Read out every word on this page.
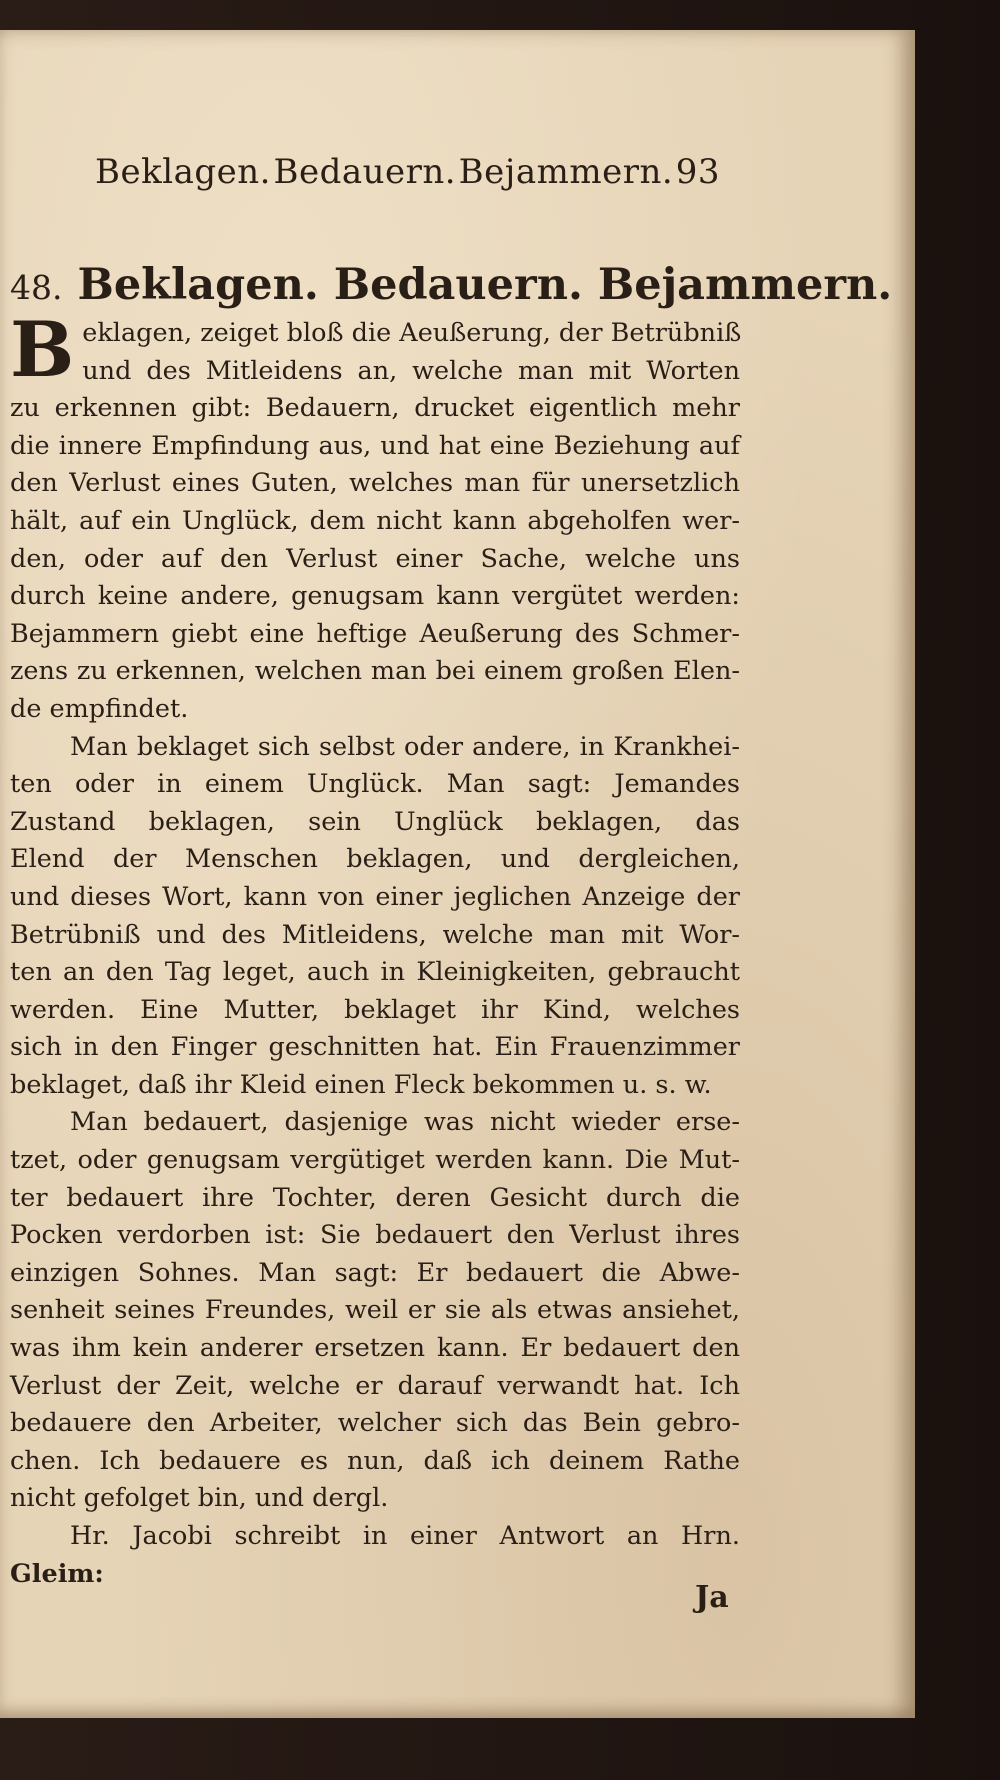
Beklagen. Bedauern. Bejammern. 93
48. Beklagen. Bedauern. Bejammern.
B eklagen, zeiget bloß die Aeußerung, der Betrübniß
und des Mitleidens an, welche man mit Worten
zu erkennen gibt: Bedauern, drucket eigentlich mehr
die innere Empfindung aus, und hat eine Beziehung auf
den Verlust eines Guten, welches man für unersetzlich
hält, auf ein Unglück, dem nicht kann abgeholfen wer-
den, oder auf den Verlust einer Sache, welche uns
durch keine andere, genugsam kann vergütet werden:
Bejammern giebt eine heftige Aeußerung des Schmer-
zens zu erkennen, welchen man bei einem großen Elen-
de empfindet.
Man beklaget sich selbst oder andere, in Krankhei-
ten oder in einem Unglück. Man sagt: Jemandes
Zustand beklagen, sein Unglück beklagen, das
Elend der Menschen beklagen, und dergleichen,
und dieses Wort, kann von einer jeglichen Anzeige der
Betrübniß und des Mitleidens, welche man mit Wor-
ten an den Tag leget, auch in Kleinigkeiten, gebraucht
werden. Eine Mutter, beklaget ihr Kind, welches
sich in den Finger geschnitten hat. Ein Frauenzimmer
beklaget, daß ihr Kleid einen Fleck bekommen u. s. w.
Man bedauert, dasjenige was nicht wieder erse-
tzet, oder genugsam vergütiget werden kann. Die Mut-
ter bedauert ihre Tochter, deren Gesicht durch die
Pocken verdorben ist: Sie bedauert den Verlust ihres
einzigen Sohnes. Man sagt: Er bedauert die Abwe-
senheit seines Freundes, weil er sie als etwas ansiehet,
was ihm kein anderer ersetzen kann. Er bedauert den
Verlust der Zeit, welche er darauf verwandt hat. Ich
bedauere den Arbeiter, welcher sich das Bein gebro-
chen. Ich bedauere es nun, daß ich deinem Rathe
nicht gefolget bin, und dergl.
Hr. Jacobi schreibt in einer Antwort an Hrn.
Gleim:
Ja
